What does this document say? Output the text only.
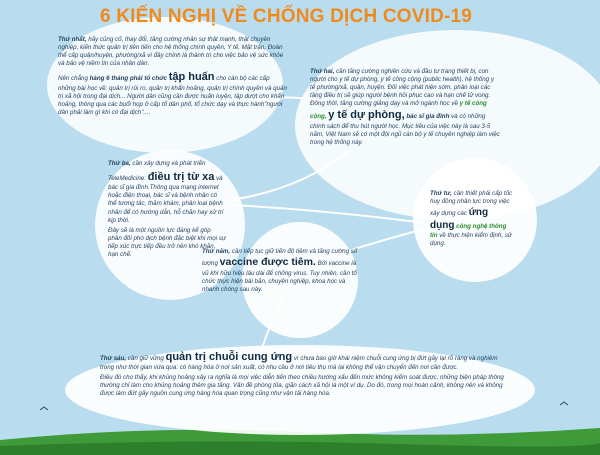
6 KIẾN NGHỊ VỀ CHỐNG DỊCH COVID-19

Thứ nhất, hãy củng cố, thay đổi, tăng cường nhân sự thật mạnh, thật chuyên nghiệp, kiến thức quản trị tiên tiến cho hệ thống chính quyền, Y tế, Mặt trận, Đoàn thể cấp quận/huyện, phường/xã vì đây chính là thành trì cho việc bảo vệ sức khỏe và bảo vệ niềm tin của nhân dân.

Nên chẳng hàng 6 tháng phải tổ chức tập huấn cho cán bộ các cấp những bài học về: quản trị rủi ro, quản trị khẩn hoảng, quản trị chính quyền và quản trị xã hội trong đại dịch... Người dân cũng cần được huấn luyện, tập dượt cho khẩn hoảng, thông qua các buổi họp ở cấp tổ dân phố, tổ chức dạy và thực hành"người dân phải làm gì khi có đại dịch"....

Thứ hai, cần tăng cường nghiên cứu và đầu tư trang thiết bị, con người cho y tế dự phòng, y tế công cộng (public health), hệ thống y tế phường/xã, quận, huyện. Đối việc phát hiện sớm, phân loại các tầng điều trị sẽ giúp người bệnh hồi phục cao và hạn chế tử vong. Đồng thời, tăng cường giảng dạy và mở ngành học về y tế công cộng, y tế dự phòng, bác sĩ gia đình và có những chính sách để thu hút người học. Mục tiêu của việc này là sau 3-5 năm, Việt Nam sẽ có một đội ngũ cán bộ y tế chuyên nghiệp làm việc trong hệ thống này.

Thứ ba, cần xây dựng và phát triển

TeleMedicine: điều trị từ xa và bác sĩ gia đình.Thông qua mạng internet hoặc điện thoại, bác sĩ và bệnh nhân có thể tương tác, thăm khám, phân loại bệnh nhân để có hướng dẫn, hỗ chăn hay xử trí kịp thời.

Đây sẽ là một nguồn lực đáng kể góp phần đối phó dịch bệnh đặc biệt khi mọi sự tiếp xúc trực tiếp đều trở nên khó khăn, hạn chế.

Thứ tư, cần thiết phải cấp tốc huy động nhân lực trong việc xây dựng các ứng dụng công nghệ thông tin về thực hiện kiểm định, sử dụng.

Thứ năm, cần tiếp tục giữ tiến độ tiêm và tăng cường số lượng vaccine được tiêm. Bởi vaccine là vũ khí hữu hiệu lâu dài để chống virus. Tuy nhiên, cần tổ chức thực hiện bài bản, chuyên nghiệp, khoa học và nhanh chóng sau này.

Thứ sáu, cần giữ vững quản trị chuỗi cung ứng vì chưa bao giờ khái niệm chuỗi cung ứng bị đứt gãy lại rõ ràng và nghiêm trọng như thời gian vừa qua: có hàng hóa ở nơi sản xuất, có nhu cầu ở nơi tiêu thụ mà lại không thể vận chuyển đến nơi cần được.

Điều đó cho thấy, khi khủng hoảng xảy ra nghĩa là mọi việc diễn tiến theo chiều hướng xấu đến mức không kiểm soát được, những biện pháp thông thường chỉ làm cho khủng hoảng thêm gia tăng. Vấn đề phòng tỏa, giãn cách xã hội là một ví dụ. Do đó, trong mọi hoàn cảnh, không nên và không được làm đứt gãy nguồn cung ứng hàng hóa quan trọng cũng như vận tải hàng hóa.
